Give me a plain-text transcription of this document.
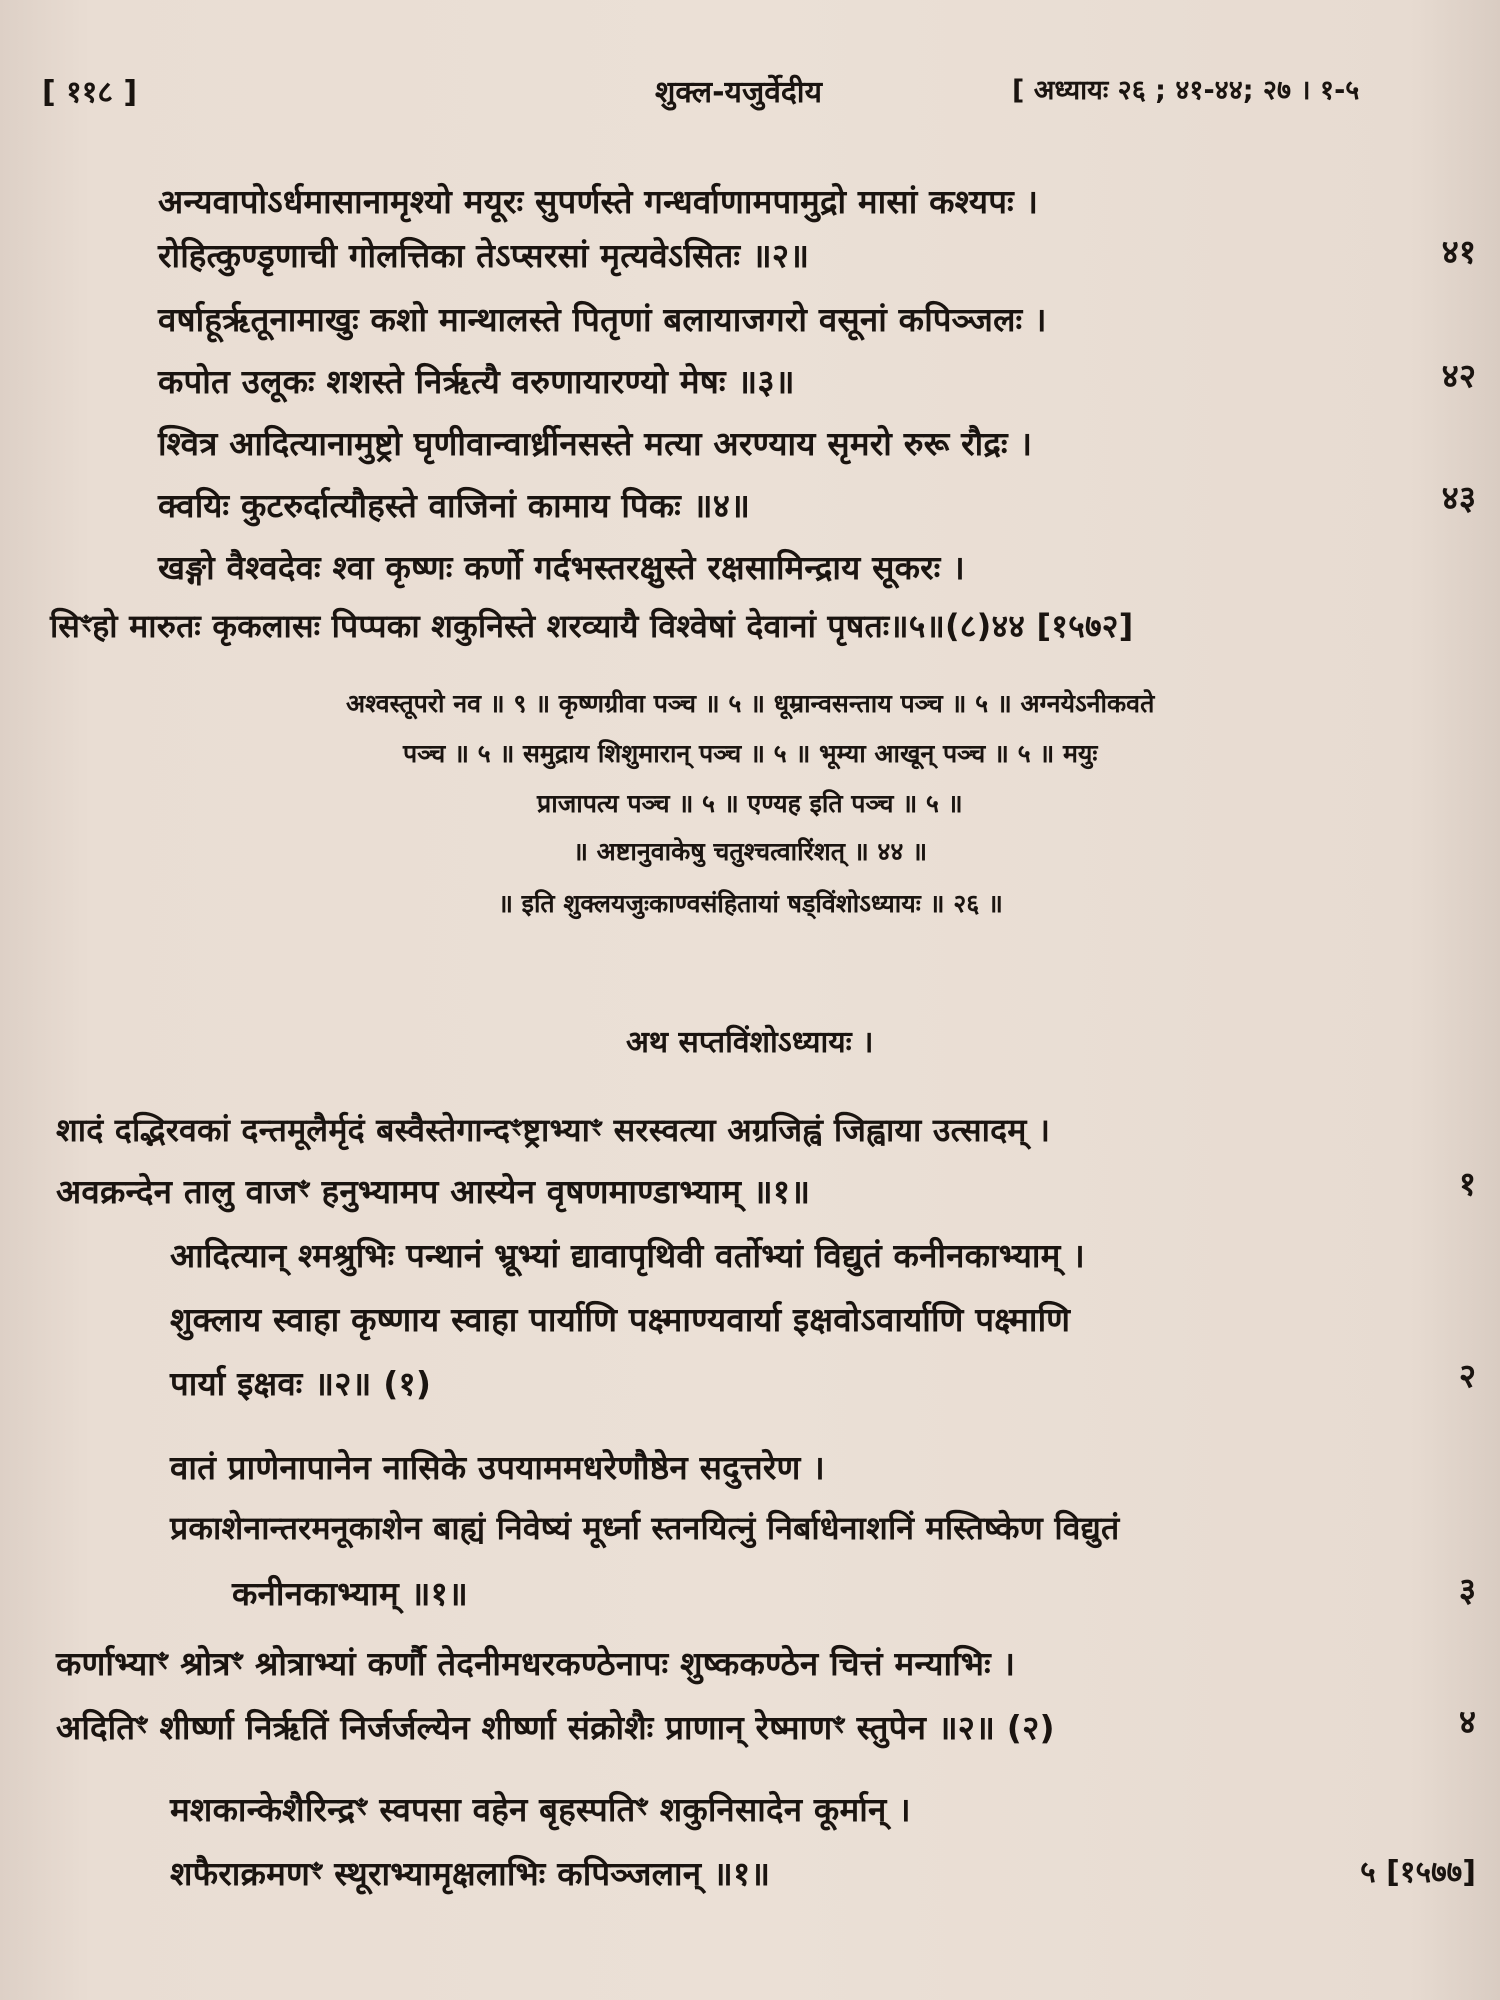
[ ११८ ]	शुक्ल-यजुर्वेदीय	[ अध्यायः २६ ; ४१-४४; २७ । १-५
अन्यवापोऽर्धमासानामृश्यो मयूरः सुपर्णस्ते गन्धर्वाणामपामुद्रो मासां कश्यपः ।
रोहित्कुण्डृणाची गोलत्तिका तेऽप्सरसां मृत्यवेऽसितः ॥२॥	४१
वर्षाहूर्ऋतूनामाखुः कशो मान्थालस्ते पितृणां बलायाजगरो वसूनां कपिञ्जलः ।
कपोत उलूकः शशस्ते निर्ऋत्यै वरुणायारण्यो मेषः ॥३॥	४२
श्वित्र आदित्यानामुष्ट्रो घृणीवान्वार्ध्रीनसस्ते मत्या अरण्याय सृमरो रुरू रौद्रः ।
क्वयिः कुटरुर्दात्यौहस्ते वाजिनां कामाय पिकः ॥४॥	४३
खङ्गो वैश्वदेवः श्वा कृष्णः कर्णो गर्दभस्तरक्षुस्ते रक्षसामिन्द्राय सूकरः ।
सिꣳहो मारुतः कृकलासः पिप्पका शकुनिस्ते शरव्यायै विश्वेषां देवानां पृषतः॥५॥(८)४४ [१५७२]
अश्वस्तूपरो नव ॥ ९ ॥ कृष्णग्रीवा पञ्च ॥ ५ ॥ धूम्रान्वसन्ताय पञ्च ॥ ५ ॥ अग्नयेऽनीकवते
पञ्च ॥ ५ ॥ समुद्राय शिशुमारान् पञ्च ॥ ५ ॥ भूम्या आखून् पञ्च ॥ ५ ॥ मयुः
प्राजापत्य पञ्च ॥ ५ ॥ एण्यह इति पञ्च ॥ ५ ॥
॥ अष्टानुवाकेषु चतुश्चत्वारिंशत् ॥ ४४ ॥
॥ इति शुक्लयजुःकाण्वसंहितायां षड्विंशोऽध्यायः ॥ २६ ॥
अथ सप्तविंशोऽध्यायः ।
शादं दद्भिरवकां दन्तमूलैर्मृदं बस्वैस्तेगान्दꣳष्ट्राभ्याꣳ सरस्वत्या अग्रजिह्वं जिह्वाया उत्सादम् ।
अवक्रन्देन तालु वाजꣳ हनुभ्यामप आस्येन वृषणमाण्डाभ्याम् ॥१॥	१
आदित्यान् श्मश्रुभिः पन्थानं भ्रूभ्यां द्यावापृथिवी वर्तोभ्यां विद्युतं कनीनकाभ्याम् ।
शुक्लाय स्वाहा कृष्णाय स्वाहा पार्याणि पक्ष्माण्यवार्या इक्षवोऽवार्याणि पक्ष्माणि
पार्या इक्षवः ॥२॥ (१)	२
वातं प्राणेनापानेन नासिके उपयाममधरेणौष्ठेन सदुत्तरेण ।
प्रकाशेनान्तरमनूकाशेन बाह्यं निवेष्यं मूर्ध्ना स्तनयित्नुं निर्बाधेनाशनिं मस्तिष्केण विद्युतं
कनीनकाभ्याम् ॥१॥	३
कर्णाभ्याꣳ श्रोत्रꣳ श्रोत्राभ्यां कर्णौ तेदनीमधरकण्ठेनापः शुष्ककण्ठेन चित्तं मन्याभिः ।
अदितिꣳ शीर्ष्णा निर्ऋतिं निर्जर्जल्येन शीर्ष्णा संक्रोशैः प्राणान् रेष्माणꣳ स्तुपेन ॥२॥ (२)	४
मशकान्केशैरिन्द्रꣳ स्वपसा वहेन बृहस्पतिꣳ शकुनिसादेन कूर्मान् ।
शफैराक्रमणꣳ स्थूराभ्यामृक्षलाभिः कपिञ्जलान् ॥१॥	५ [१५७७]
